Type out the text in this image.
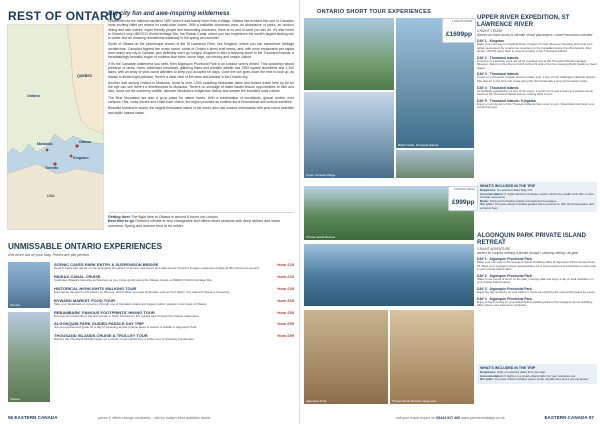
REST OF ONTARIO
Ontario
QUEBEC
Ottawa
Toronto
Kingston
USA
Muskoka
Big city fun and awe-inspiring wilderness

Established as the national capital in 1857 when it was barely more than a village, Ottawa has evolved into one of Canada's most exciting cities yet retains its small-town charm. With a walkable downtown area, an abundance of parks, an outdoor dining and cafe culture, super friendly people and fascinating museums, there is no end to what you can do. It's also home to Ontario's only UNESCO World Heritage Site, the Rideau Canal, where you can experience the world's largest skating rink in winter and an amazing recreational waterway in the spring and summer.

South of Ottawa on the picturesque shores of the St Lawrence River, lies Kingston, where you can experience heritage architecture, Canada's highest live music scene, some of Ontario's finest craft brews, and, with more restaurants per capita than nearly any city in Canada, plus definitely won't go hungry! Kingston is also a stepping stone to the Thousand Islands, a breathtakingly beautiful region of endless blue skies, azure bays, rich history and unique culture.

If it's the Canadian wilderness you seek, then Algonquin Provincial Park is an outdoor lover's dream. This sprawling natural preserve of lakes, rivers, wildflower meadows, glittering lakes and plentiful wildlife has 7653 square kilometres and 2,400 lakes, with an array of year-round activities to keep you occupied for days. Once the sun goes down the time to look up, as thanks to limited light pollution, there's a clear view of the stars and planets in the Ontario sky.

Another love among Ontario is Muskoka, home to over 1,500 sparkling freshwater lakes and visitors travel here by far for the eye can see there's a timelessness to Muskoka. There's no shortage of water-based leisure opportunities to hike and bike, scout out the cranberry wildlife, discover Muskoka's Indigenous history and sample the excellent local cuisine.

The Blue Mountains are also a go-to place for nature lovers. With a combination of woodlands, glacial creeks, river canyons, hills, rocky shores and small-town charm, the region provides an endless list of recreational and cultural activities.

Beautiful Manitoulin Island, the largest freshwater island in the world, also has outdoor enthusiasts with year-round activities and idyllic natural vistas.

Getting there The flight time to Ottawa is around 8 hours via London.
Best time to go Ontario's climate is very changeable and offers mixed seasons with deep winters and warm summers. Spring and autumn tend to be milder.
UNMISSABLE ONTARIO EXPERIENCES
Get more out of your stay. Prices are per person
Toronto
Ottawa
SCENIC CAVES PARK ENTRY & SUSPENSION BRIDGE	from £25
Hand in hand with nature on the geological formations of ancient sea caves and walk across Ontario's longest suspension bridge at 25m above the ground.
RIDEAU CANAL CRUISE	from £29
Celebrate Ottawa's favourite architecture as you cruise gently along the Rideau Canal, a UNESCO World Heritage Site.
HISTORICAL HIGHLIGHTS WALKING TOUR	from £49
Experience Kingston's rich history on this tour, which takes you past landmarks such as Fort Henry, City Hall and Queen's University.
BYWARD MARKET FOOD TOUR	from £65
Take your tastebuds on a journey through one of Canada's oldest and largest public markets in the heart of Ottawa.
REBAMBARK 'FAMOUS FOOTPRINTS' HIKING TOUR	from £89
Discover the footprints of the first people in North America on this guided hike through the Ontario wilderness.
ALGONQUIN PARK GUIDED PADDLE DAY TRIP	from £99
Join an experienced guide for a day of canoeing across pristine lakes in search of wildlife in Algonquin Park.
THOUSAND ISLANDS CRUISE & TROLLEY TOUR	from £99
Explore the Thousand Islands region on a scenic cruise followed by a trolley tour of charming Gananoque.
56 EASTERN CANADA	prices & offers change constantly - call for today's best available deals!
ONTARIO SHORT TOUR EXPERIENCES
Boldt Castle, thousand islands
Upper Canada Village
4 NIGHTS FROM
£1699pp
UPPER RIVER EXPEDITION, ST LAWRENCE RIVER
4 NIGHT CRUISE
Aboard an iconic luxury & intimate vessel passengers • shore excursions included
DAY 1 · Kingston
Make your own way to Crawford Dock, Kingston for late afternoon boarding and meet your fellow passengers for a welcome reception on the Canadian before the ship departs. After dinner, chill the warm deck to view the beauty of the Thousand Islands.
DAY 2 · Thousand Islands
Continue in a leisurely pace set off for a guided tour of the Thousand Islands Heritage Museum. Return to the ship for lunch at the US side of the river passing Boldt Castle on Heart Island.
DAY 3 · Thousand Islands
Cruise on to Prescott, Ontario and an outside stop, a tour of Fort Wellington National Historic Site. Return to the ship and cruise along the Old Canal with a stop at the historic locks.
DAY 4 · Thousand Islands
Immediately eastwards to a tour of two stops, a picnic lunch and a swim at a pristine sandy beach of the Thousand Islands before cruising back to port.
DAY 5 · Thousand Islands / Kingston
Enjoy a morning tour of the Thousand Islands then return to port. Disembark and begin your onward journey.
WHAT'S INCLUDED IN THE TRIP
Departures: On selected dates May-Oct
Accommodation: 4 nights aboard a boutique vessel, which are smaller and offer a more intimate experience
Meals: Full board including snacks and selected beverages
Our price: The price shown includes guided shore excursions, with all transportation and entrance fees
Private Island Retreat
3 NIGHTS FROM
£999pp
Algonquin Park	Private Island Retreat, living area
ALGONQUIN PARK PRIVATE ISLAND RETREAT
3 NIGHT ADVENTURE
perfect for couples seeking a private escape • stunning setting • all-gear
DAY 1 · Algonquin Provincial Park
Make your own way to the Voyageur Quest Outfitting office at Algonquin Park's Access Point #1. Meet your Voyageur Quest representative for a canoe lesson and orientation on the route to your private island cabin.
DAY 2 · Algonquin Provincial Park
Wake to the sound of loons on the lake, morning walk and enjoy a day of total relaxation on your private island retreat.
DAY 3 · Algonquin Provincial Park
Enjoy the day at leisure on your island or head out exploring the surrounding lakes by canoe.
DAY 4 · Algonquin Provincial Park
Enjoy a final morning on your island before paddling back to the Voyageur Quest Outfitting office where your adventure concludes.
WHAT'S INCLUDED IN THE TRIP
Departures: Daily on selected dates from Jun-Sep
Accommodation: 3 nights on a private island cabin for your exclusive use
Our price: The price shown includes canoe rental, all park fees and a pre-trip lesson
call your travel expert on 08444 917 466 www.premierholidays.co.uk	EASTERN CANADA 57
